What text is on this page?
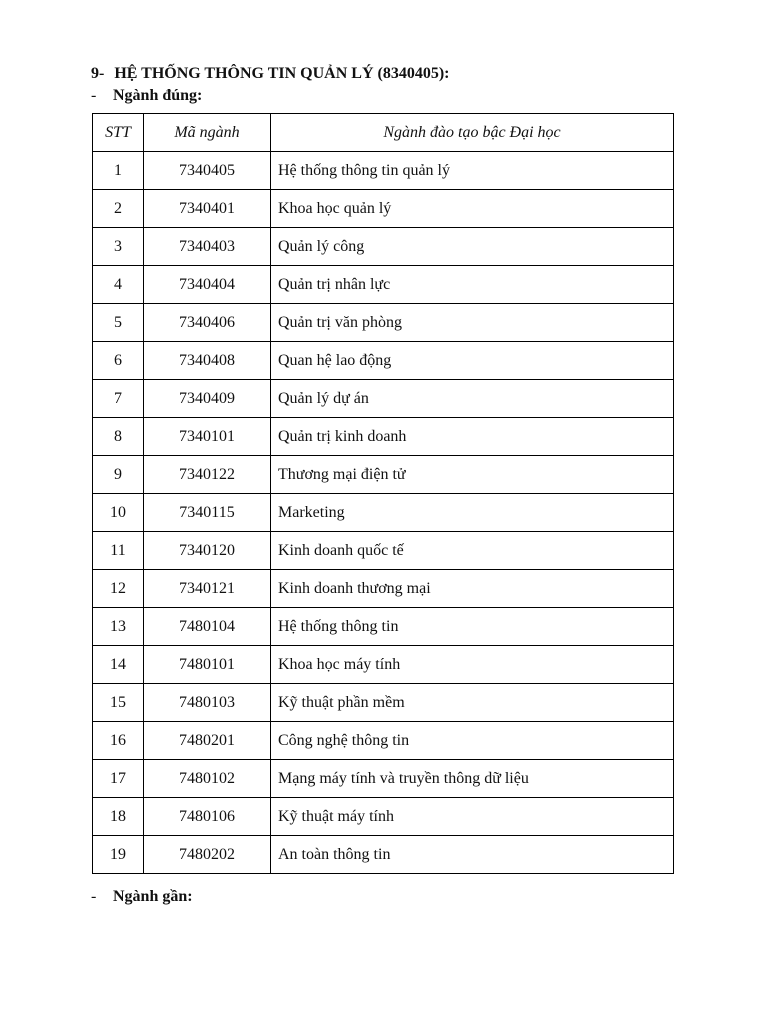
9- HỆ THỐNG THÔNG TIN QUẢN LÝ (8340405):
- Ngành đúng:
STT	Mã ngành	Ngành đào tạo bậc Đại học
1	7340405	Hệ thống thông tin quản lý
2	7340401	Khoa học quản lý
3	7340403	Quản lý công
4	7340404	Quản trị nhân lực
5	7340406	Quản trị văn phòng
6	7340408	Quan hệ lao động
7	7340409	Quản lý dự án
8	7340101	Quản trị kinh doanh
9	7340122	Thương mại điện tử
10	7340115	Marketing
11	7340120	Kinh doanh quốc tế
12	7340121	Kinh doanh thương mại
13	7480104	Hệ thống thông tin
14	7480101	Khoa học máy tính
15	7480103	Kỹ thuật phần mềm
16	7480201	Công nghệ thông tin
17	7480102	Mạng máy tính và truyền thông dữ liệu
18	7480106	Kỹ thuật máy tính
19	7480202	An toàn thông tin
- Ngành gần:
